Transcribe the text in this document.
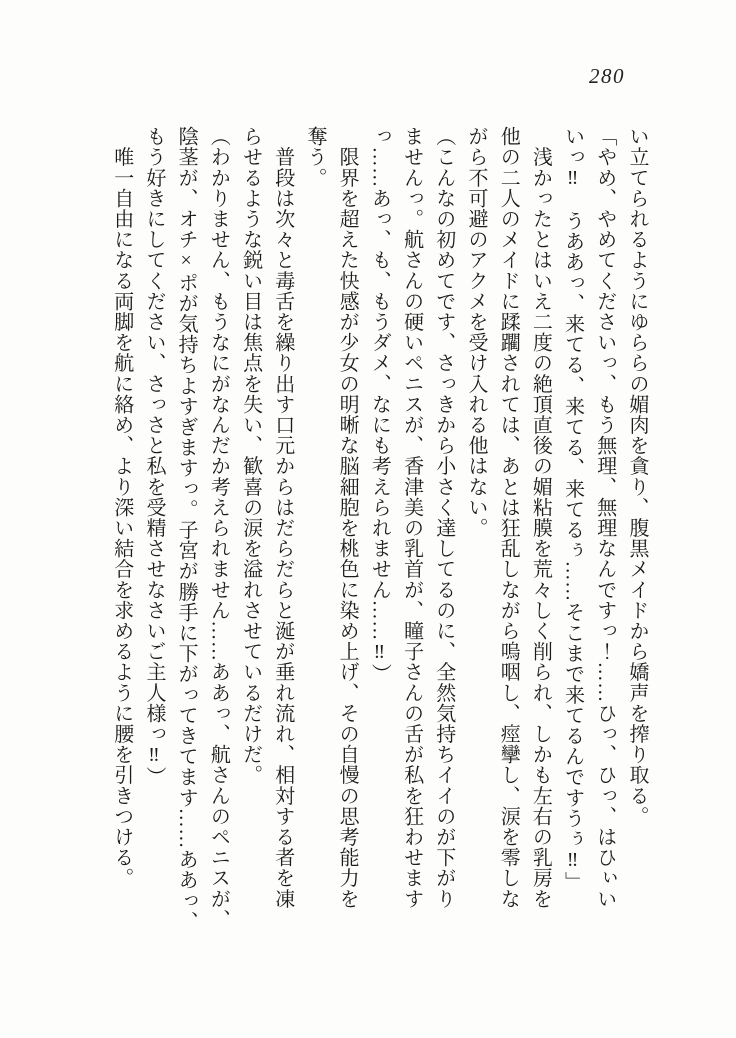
280

い立てられるようにゆららの媚肉を貪り、腹黒メイドから嬌声を搾り取る。

「やめ、やめてくださいっ、もう無理、無理なんですっ！……ひっ、ひっ、はひぃい

いっ‼　うああっ、来てる、来てる、来てるぅ……そこまで来てるんですうぅ‼」

　浅かったとはいえ二度の絶頂直後の媚粘膜を荒々しく削られ、しかも左右の乳房を

他の二人のメイドに蹂躙されては、あとは狂乱しながら嗚咽し、痙攣し、涙を零しな

がら不可避のアクメを受け入れる他はない。

（こんなの初めてです、さっきから小さく達してるのに、全然気持ちイイのが下がり

ませんっ。航さんの硬いペニスが、香津美の乳首が、瞳子さんの舌が私を狂わせます

っ……あっ、も、もうダメ、なにも考えられません……‼）

　限界を超えた快感が少女の明晰な脳細胞を桃色に染め上げ、その自慢の思考能力を

奪う。

　普段は次々と毒舌を繰り出す口元からはだらだらと涎が垂れ流れ、相対する者を凍

らせるような鋭い目は焦点を失い、歓喜の涙を溢れさせているだけだ。

（わかりません、もうなにがなんだか考えられません……ああっ、航さんのペニスが、

陰茎が、オチ×ポが気持ちよすぎますっ。子宮が勝手に下がってきてます……ああっ、

もう好きにしてください、さっさと私を受精させなさいご主人様っ‼）

　唯一自由になる両脚を航に絡め、より深い結合を求めるように腰を引きつける。
